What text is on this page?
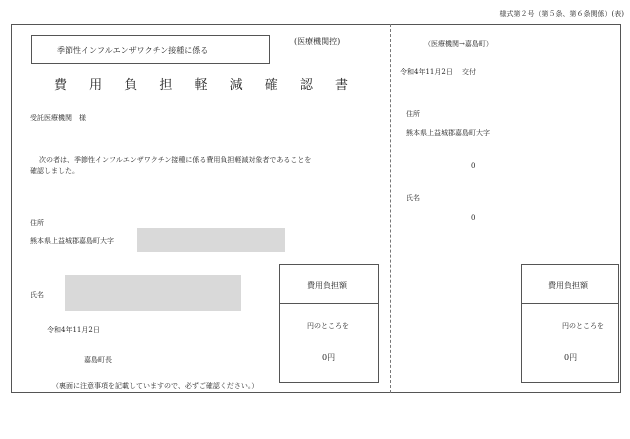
様式第２号（第５条、第６条関係）(表)
季節性インフルエンザワクチン接種に係る
(医療機関控)
費 用 負 担 軽 減 確 認 書
受託医療機関　様
次の者は、季節性インフルエンザワクチン接種に係る費用負担軽減対象者であることを
確認しました。
住所
熊本県上益城郡嘉島町大字
氏名
令和4年11月2日
嘉島町長
（裏面に注意事項を記載していますので、必ずご確認ください。）
費用負担額
円のところを
0円
（医療機関→嘉島町）
令和4年11月2日　 交付
住所
熊本県上益城郡嘉島町大字
0
氏名
0
費用負担額
円のところを
0円
